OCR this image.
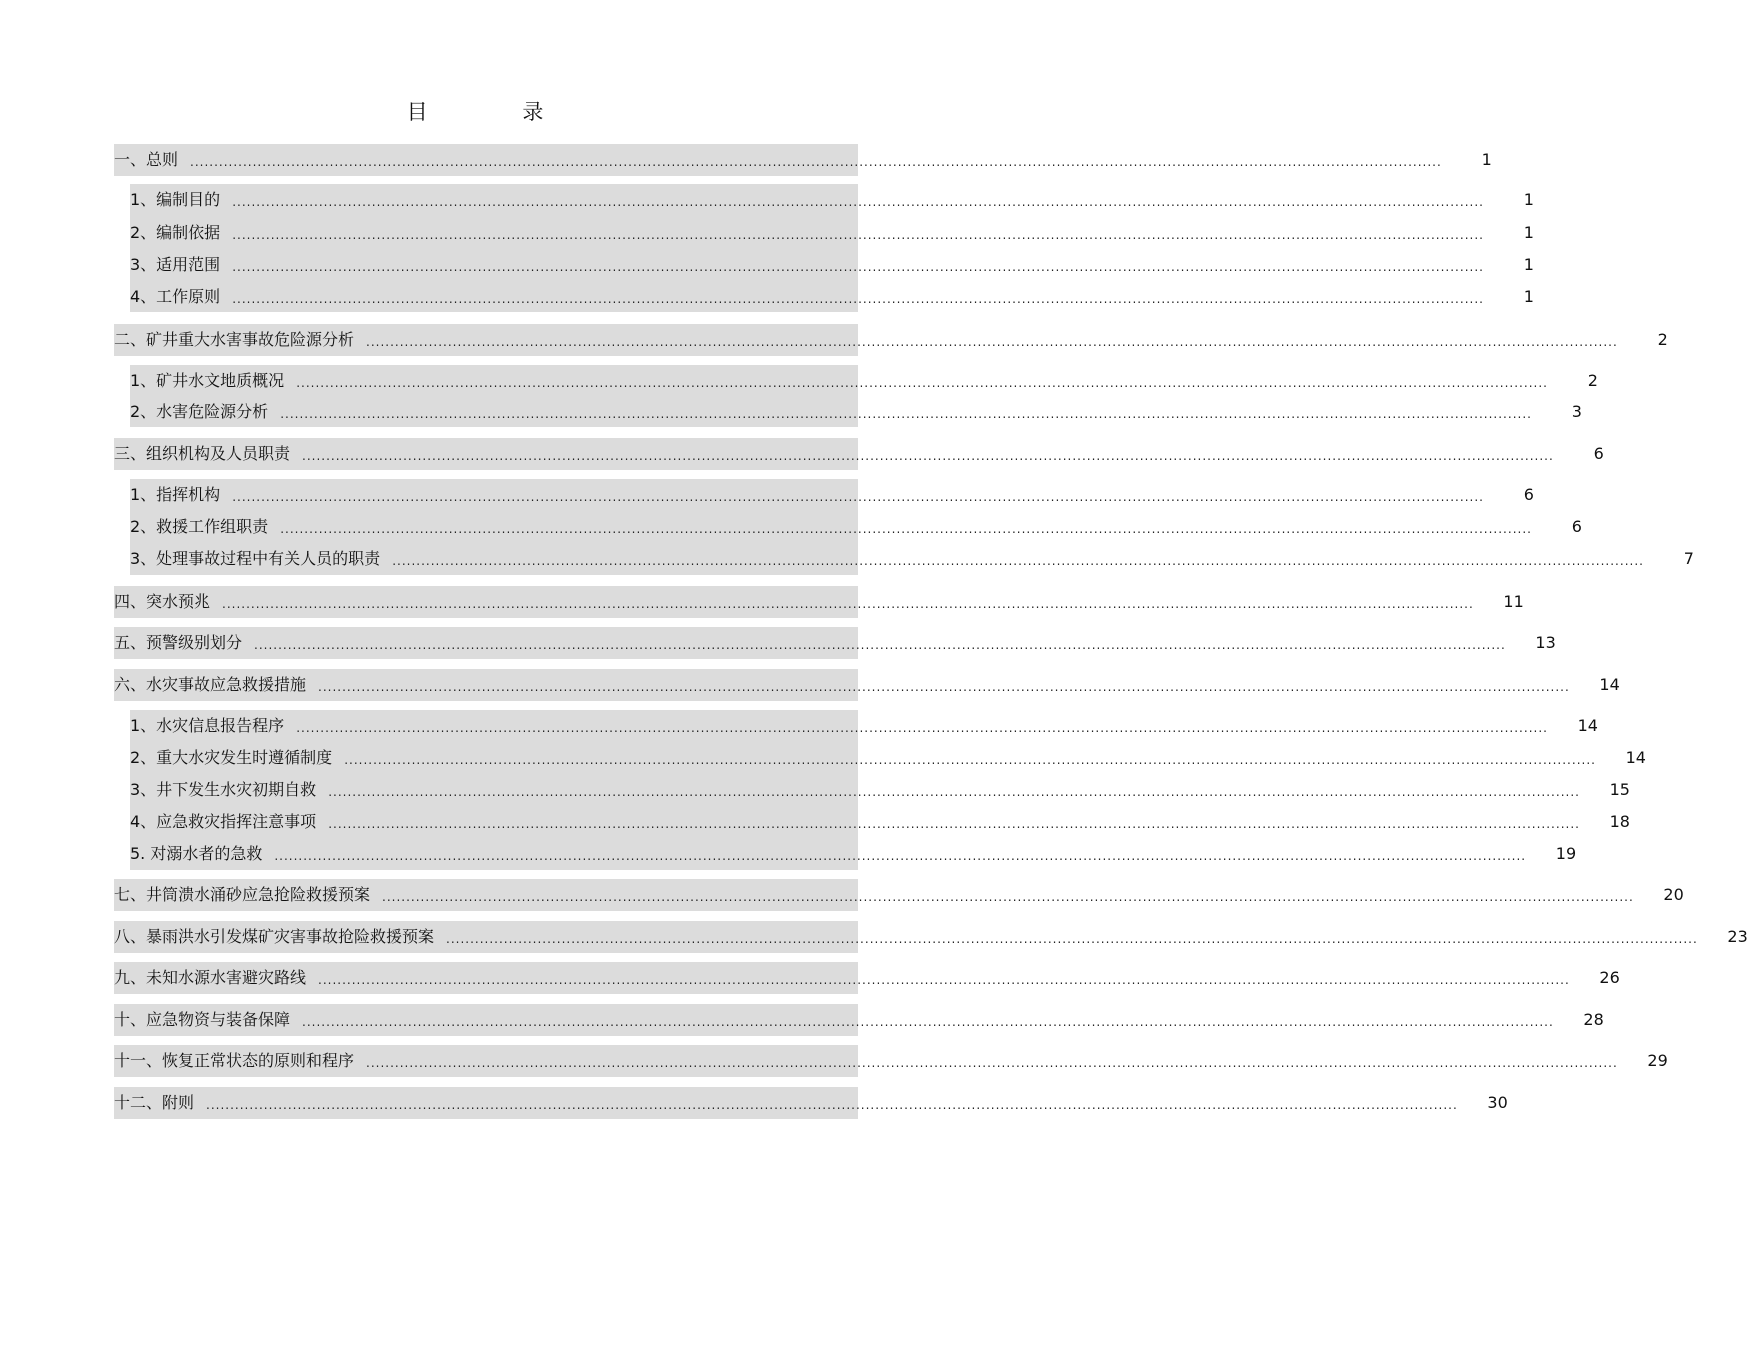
目 录
一、总则 ....................................................................................................................................................................................................................................................................	1
1、编制目的 ....................................................................................................................................................................................................................................................................	1
2、编制依据 ....................................................................................................................................................................................................................................................................	1
3、适用范围 ....................................................................................................................................................................................................................................................................	1
4、工作原则 ....................................................................................................................................................................................................................................................................	1
二、矿井重大水害事故危险源分析 ....................................................................................................................................................................................................................................................................	2
1、矿井水文地质概况 ....................................................................................................................................................................................................................................................................	2
2、水害危险源分析 ....................................................................................................................................................................................................................................................................	3
三、组织机构及人员职责 ....................................................................................................................................................................................................................................................................	6
1、指挥机构 ....................................................................................................................................................................................................................................................................	6
2、救援工作组职责 ....................................................................................................................................................................................................................................................................	6
3、处理事故过程中有关人员的职责 ....................................................................................................................................................................................................................................................................	7
四、突水预兆 ....................................................................................................................................................................................................................................................................	11
五、预警级别划分 ....................................................................................................................................................................................................................................................................	13
六、水灾事故应急救援措施 ....................................................................................................................................................................................................................................................................	14
1、水灾信息报告程序 ....................................................................................................................................................................................................................................................................	14
2、重大水灾发生时遵循制度 ....................................................................................................................................................................................................................................................................	14
3、井下发生水灾初期自救 ....................................................................................................................................................................................................................................................................	15
4、应急救灾指挥注意事项 ....................................................................................................................................................................................................................................................................	18
5. 对溺水者的急救 ....................................................................................................................................................................................................................................................................	19
七、井筒溃水涌砂应急抢险救援预案 ....................................................................................................................................................................................................................................................................	20
八、暴雨洪水引发煤矿灾害事故抢险救援预案 ....................................................................................................................................................................................................................................................................	23
九、未知水源水害避灾路线 ....................................................................................................................................................................................................................................................................	26
十、应急物资与装备保障 ....................................................................................................................................................................................................................................................................	28
十一、恢复正常状态的原则和程序 ....................................................................................................................................................................................................................................................................	29
十二、附则 ....................................................................................................................................................................................................................................................................	30
